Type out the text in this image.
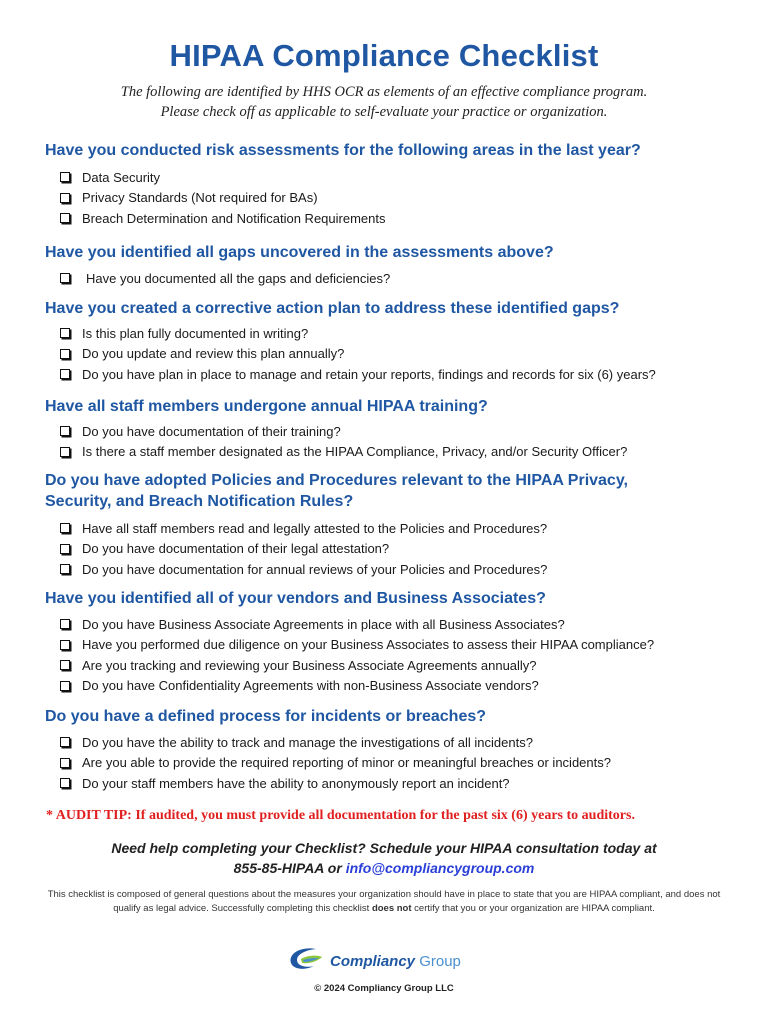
HIPAA Compliance Checklist
The following are identified by HHS OCR as elements of an effective compliance program.
Please check off as applicable to self-evaluate your practice or organization.
Have you conducted risk assessments for the following areas in the last year?
Data Security
Privacy Standards (Not required for BAs)
Breach Determination and Notification Requirements
Have you identified all gaps uncovered in the assessments above?
Have you documented all the gaps and deficiencies?
Have you created a corrective action plan to address these identified gaps?
Is this plan fully documented in writing?
Do you update and review this plan annually?
Do you have plan in place to manage and retain your reports, findings and records for six (6) years?
Have all staff members undergone annual HIPAA training?
Do you have documentation of their training?
Is there a staff member designated as the HIPAA Compliance, Privacy, and/or Security Officer?
Do you have adopted Policies and Procedures relevant to the HIPAA Privacy,
Security, and Breach Notification Rules?
Have all staff members read and legally attested to the Policies and Procedures?
Do you have documentation of their legal attestation?
Do you have documentation for annual reviews of your Policies and Procedures?
Have you identified all of your vendors and Business Associates?
Do you have Business Associate Agreements in place with all Business Associates?
Have you performed due diligence on your Business Associates to assess their HIPAA compliance?
Are you tracking and reviewing your Business Associate Agreements annually?
Do you have Confidentiality Agreements with non-Business Associate vendors?
Do you have a defined process for incidents or breaches?
Do you have the ability to track and manage the investigations of all incidents?
Are you able to provide the required reporting of minor or meaningful breaches or incidents?
Do your staff members have the ability to anonymously report an incident?
* AUDIT TIP: If audited, you must provide all documentation for the past six (6) years to auditors.
Need help completing your Checklist? Schedule your HIPAA consultation today at
855-85-HIPAA or info@compliancygroup.com
This checklist is composed of general questions about the measures your organization should have in place to state that you are HIPAA compliant, and does not qualify as legal advice. Successfully completing this checklist does not certify that you or your organization are HIPAA compliant.
Compliancy Group
© 2024 Compliancy Group LLC
